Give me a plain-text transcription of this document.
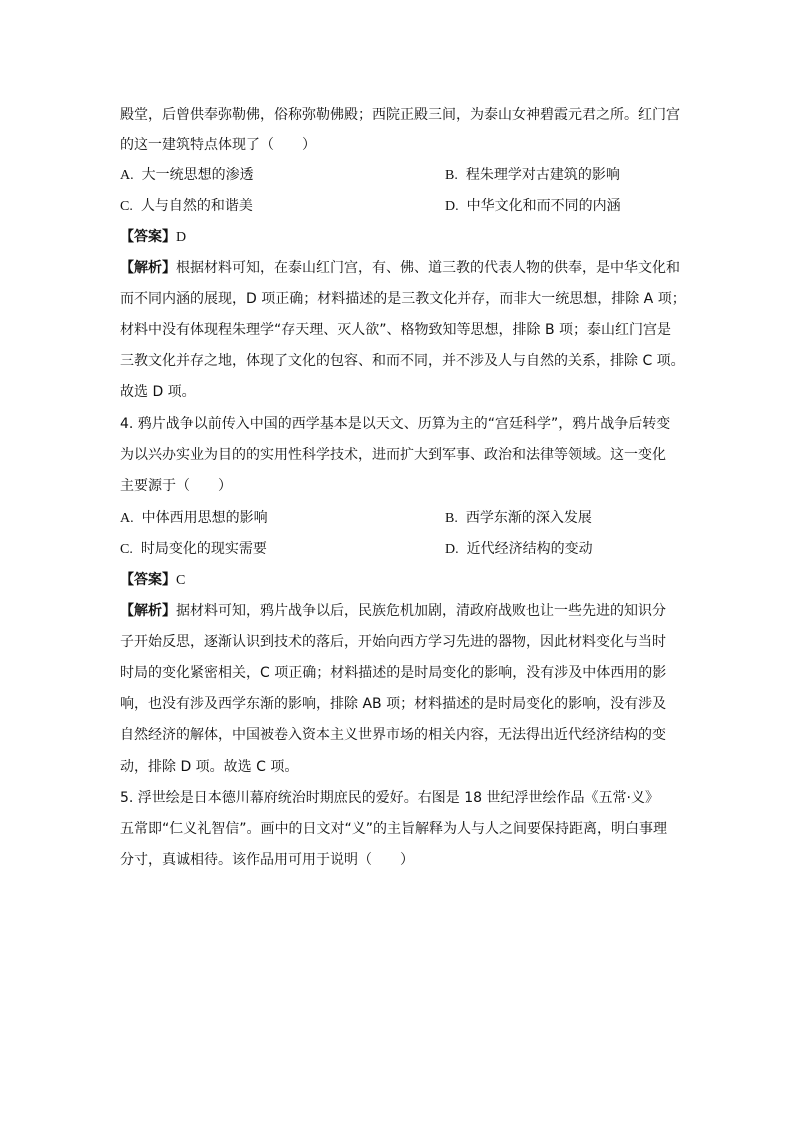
殿堂，后曾供奉弥勒佛，俗称弥勒佛殿；西院正殿三间，为泰山女神碧霞元君之所。红门宫
的这一建筑特点体现了（　　）
A. 大一统思想的渗透	B. 程朱理学对古建筑的影响
C. 人与自然的和谐美	D. 中华文化和而不同的内涵
【答案】D
【解析】根据材料可知，在泰山红门宫，有、佛、道三教的代表人物的供奉，是中华文化和
而不同内涵的展现，D 项正确；材料描述的是三教文化并存，而非大一统思想，排除 A 项；
材料中没有体现程朱理学“存天理、灭人欲”、格物致知等思想，排除 B 项；泰山红门宫是
三教文化并存之地，体现了文化的包容、和而不同，并不涉及人与自然的关系，排除 C 项。
故选 D 项。
4. 鸦片战争以前传入中国的西学基本是以天文、历算为主的“宫廷科学”，鸦片战争后转变
为以兴办实业为目的的实用性科学技术，进而扩大到军事、政治和法律等领域。这一变化
主要源于（　　）
A. 中体西用思想的影响	B. 西学东渐的深入发展
C. 时局变化的现实需要	D. 近代经济结构的变动
【答案】C
【解析】据材料可知，鸦片战争以后，民族危机加剧，清政府战败也让一些先进的知识分
子开始反思，逐渐认识到技术的落后，开始向西方学习先进的器物，因此材料变化与当时
时局的变化紧密相关，C 项正确；材料描述的是时局变化的影响，没有涉及中体西用的影
响，也没有涉及西学东渐的影响，排除 AB 项；材料描述的是时局变化的影响，没有涉及
自然经济的解体，中国被卷入资本主义世界市场的相关内容，无法得出近代经济结构的变
动，排除 D 项。故选 C 项。
5. 浮世绘是日本德川幕府统治时期庶民的爱好。右图是 18 世纪浮世绘作品《五常·义》
五常即“仁义礼智信”。画中的日文对“义”的主旨解释为人与人之间要保持距离，明白事理
分寸，真诚相待。该作品用可用于说明（　　）
